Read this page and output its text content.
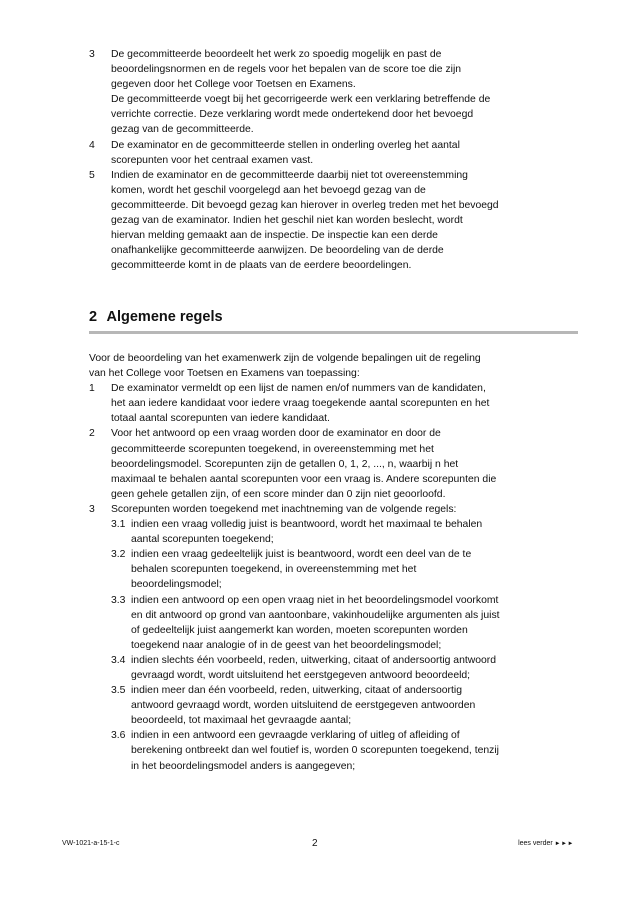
3	De gecommitteerde beoordeelt het werk zo spoedig mogelijk en past de
beoordelingsnormen en de regels voor het bepalen van de score toe die zijn
gegeven door het College voor Toetsen en Examens.
De gecommitteerde voegt bij het gecorrigeerde werk een verklaring betreffende de
verrichte correctie. Deze verklaring wordt mede ondertekend door het bevoegd
gezag van de gecommitteerde.
4	De examinator en de gecommitteerde stellen in onderling overleg het aantal
scorepunten voor het centraal examen vast.
5	Indien de examinator en de gecommitteerde daarbij niet tot overeenstemming
komen, wordt het geschil voorgelegd aan het bevoegd gezag van de
gecommitteerde. Dit bevoegd gezag kan hierover in overleg treden met het bevoegd
gezag van de examinator. Indien het geschil niet kan worden beslecht, wordt
hiervan melding gemaakt aan de inspectie. De inspectie kan een derde
onafhankelijke gecommitteerde aanwijzen. De beoordeling van de derde
gecommitteerde komt in de plaats van de eerdere beoordelingen.
2 Algemene regels
Voor de beoordeling van het examenwerk zijn de volgende bepalingen uit de regeling
van het College voor Toetsen en Examens van toepassing:
1	De examinator vermeldt op een lijst de namen en/of nummers van de kandidaten,
het aan iedere kandidaat voor iedere vraag toegekende aantal scorepunten en het
totaal aantal scorepunten van iedere kandidaat.
2	Voor het antwoord op een vraag worden door de examinator en door de
gecommitteerde scorepunten toegekend, in overeenstemming met het
beoordelingsmodel. Scorepunten zijn de getallen 0, 1, 2, ..., n, waarbij n het
maximaal te behalen aantal scorepunten voor een vraag is. Andere scorepunten die
geen gehele getallen zijn, of een score minder dan 0 zijn niet geoorloofd.
3	Scorepunten worden toegekend met inachtneming van de volgende regels:
3.1 indien een vraag volledig juist is beantwoord, wordt het maximaal te behalen
aantal scorepunten toegekend;
3.2 indien een vraag gedeeltelijk juist is beantwoord, wordt een deel van de te
behalen scorepunten toegekend, in overeenstemming met het
beoordelingsmodel;
3.3 indien een antwoord op een open vraag niet in het beoordelingsmodel voorkomt
en dit antwoord op grond van aantoonbare, vakinhoudelijke argumenten als juist
of gedeeltelijk juist aangemerkt kan worden, moeten scorepunten worden
toegekend naar analogie of in de geest van het beoordelingsmodel;
3.4 indien slechts één voorbeeld, reden, uitwerking, citaat of andersoortig antwoord
gevraagd wordt, wordt uitsluitend het eerstgegeven antwoord beoordeeld;
3.5 indien meer dan één voorbeeld, reden, uitwerking, citaat of andersoortig
antwoord gevraagd wordt, worden uitsluitend de eerstgegeven antwoorden
beoordeeld, tot maximaal het gevraagde aantal;
3.6 indien in een antwoord een gevraagde verklaring of uitleg of afleiding of
berekening ontbreekt dan wel foutief is, worden 0 scorepunten toegekend, tenzij
in het beoordelingsmodel anders is aangegeven;
VW-1021-a-15-1-c	2	lees verder ►►►
